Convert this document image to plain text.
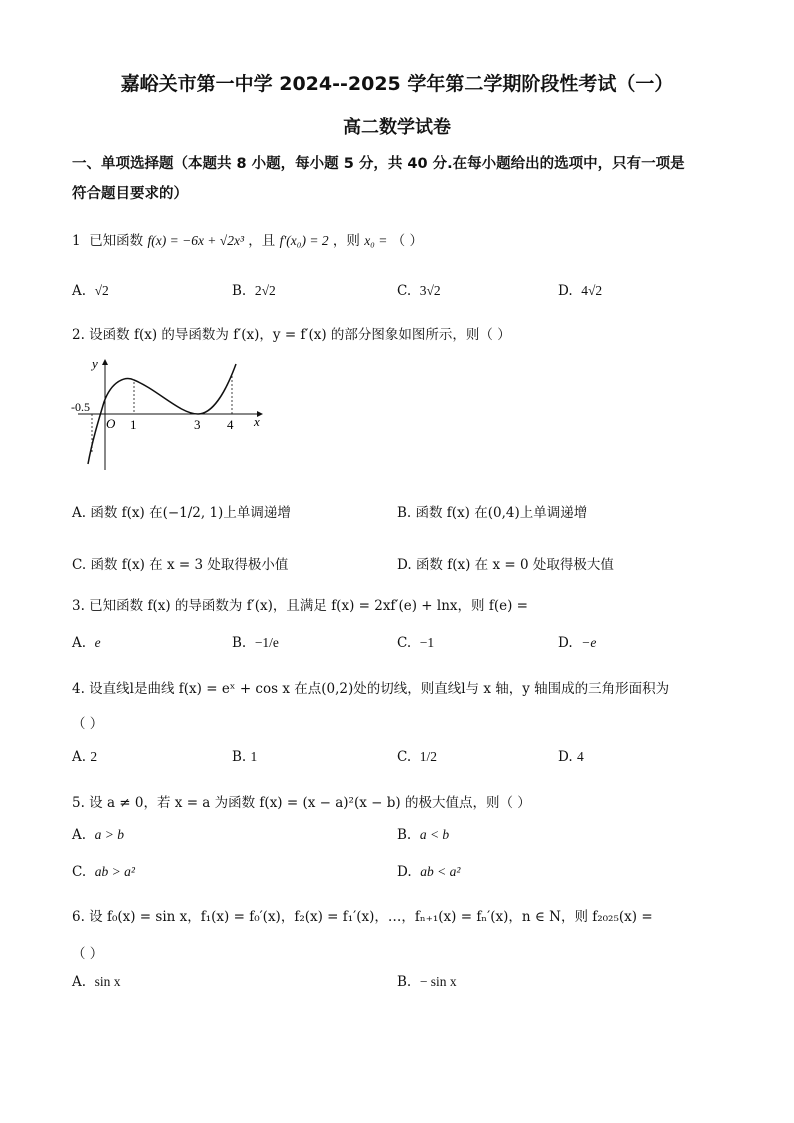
嘉峪关市第一中学 2024--2025 学年第二学期阶段性考试（一）
高二数学试卷
一、单项选择题（本题共 8 小题，每小题 5 分，共 40 分.在每小题给出的选项中，只有一项是
符合题目要求的）
1 已知函数 f(x) = −6x + √2x³ ，且 f′(x₀) = 2 ，则 x₀ = （ ）
A. √2	B. 2√2	C. 3√2	D. 4√2
2. 设函数 f(x) 的导函数为 f′(x)，y = f′(x) 的部分图象如图所示，则（ ）
y
x
O
-0.5
1	3 4
A. 函数 f(x) 在(−1/2, 1)上单调递增	B. 函数 f(x) 在(0,4)上单调递增
C. 函数 f(x) 在 x = 3 处取得极小值	D. 函数 f(x) 在 x = 0 处取得极大值
3. 已知函数 f(x) 的导函数为 f′(x)，且满足 f(x) = 2xf′(e) + lnx，则 f(e) =
A. e	B. −1/e	C. −1	D. −e
4. 设直线l是曲线 f(x) = eˣ + cos x 在点(0,2)处的切线，则直线l与 x 轴，y 轴围成的三角形面积为
（ ）
A. 2	B. 1	C. 1/2	D. 4
5. 设 a ≠ 0，若 x = a 为函数 f(x) = (x − a)²(x − b) 的极大值点，则（ ）
A. a > b	B. a < b
C. ab > a²	D. ab < a²
6. 设 f₀(x) = sin x，f₁(x) = f₀′(x)，f₂(x) = f₁′(x)，…，fₙ₊₁(x) = fₙ′(x)，n ∈ N，则 f₂₀₂₅(x) =
（ ）
A. sin x	B. − sin x
